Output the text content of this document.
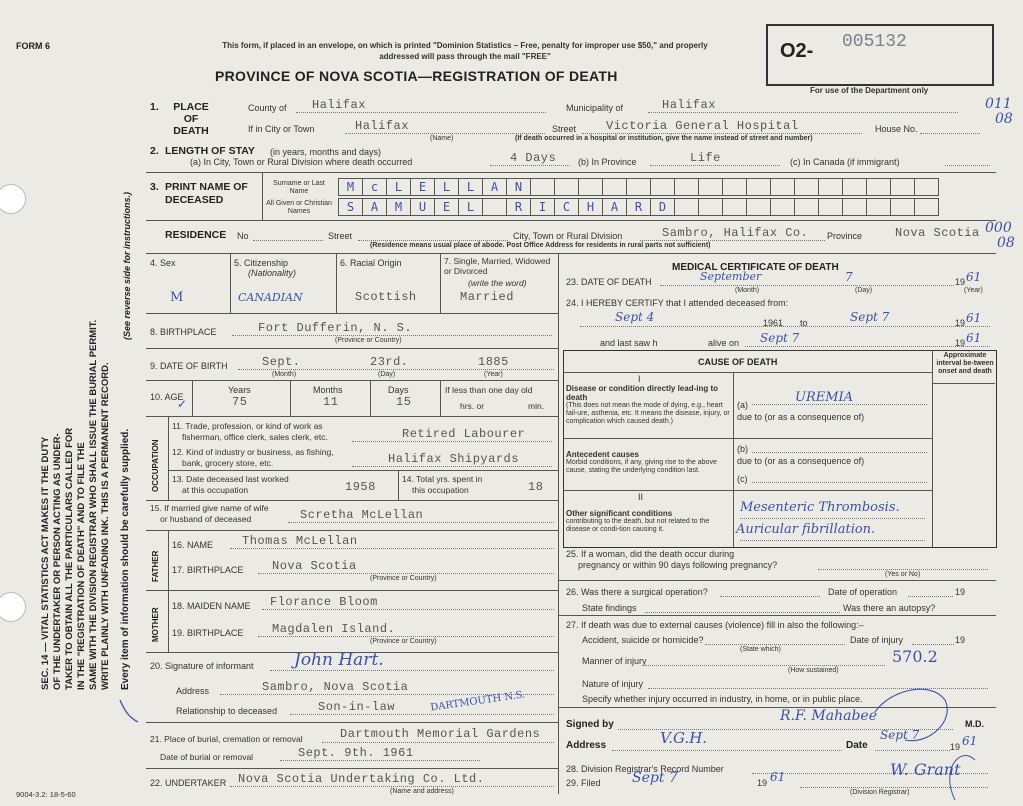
FORM 6	This form, if placed in an envelope, on which is printed "Dominion Statistics – Free, penalty for improper use $50," and properly addressed will pass through the mail "FREE"
PROVINCE OF NOVA SCOTIA—REGISTRATION OF DEATH
O2- 005132
For use of the Department only
011
08
000
08
SEC. 14 — VITAL STATISTICS ACT MAKES IT THE DUTY OF THE UNDERTAKER OR PERSON ACTING AS UNDER- TAKER TO OBTAIN ALL THE PARTICULARS CALLED FOR IN THE "REGISTRATION OF DEATH" AND TO FILE THE SAME WITH THE DIVISION REGISTRAR WHO SHALL ISSUE THE BURIAL PERMIT. WRITE PLAINLY WITH UNFADING INK. THIS IS A PERMANENT RECORD. Every item of information should be carefully supplied.
(See reverse side for instructions.)
1.	PLACE OF DEATH
County of Halifax	Municipality of	Halifax
If in City or Town	Halifax
(Name)
Street Victoria General Hospital	House No.
(If death occurred in a hospital or institution, give the name instead of street and number)
2. LENGTH OF STAY (in years, months and days)
(a) In City, Town or Rural Division where death occurred	4 Days (b) In Province	Life	(c) In Canada (if immigrant)
3. PRINT NAME OF DECEASED
Surname or Last Name	M	c	L	E	L	L	A	N
All Given or Christian Names	S	A	M	U	E	L	R	I	C	H	A	R	D
RESIDENCE No	Street	City, Town or Rural Division	Sambro, Halifax Co. Province	Nova Scotia
(Residence means usual place of abode. Post Office Address for residents in rural parts not sufficient)
4. Sex
M
5. Citizenship
(Nationality)
CANADIAN
6. Racial Origin
Scottish
7. Single, Married, Widowed or Divorced
(write the word)
Married
8. BIRTHPLACE	Fort Dufferin, N. S.
(Province or Country)
9. DATE OF BIRTH	Sept.	23rd.	1885
(Month)	(Day)	(Year)
10. AGE
✓
Years	Months	Days
75	11	15
If less than one day old
hrs. or	min.
OCCUPATION
11. Trade, profession, or kind of work as
fisherman, office clerk, sales clerk, etc.	Retired Labourer
12. Kind of industry or business, as fishing,
bank, grocery store, etc.	Halifax Shipyards
13. Date deceased last worked
at this occupation	1958
14. Total yrs. spent in
this occupation	18
15. If married give name of wife
or husband of deceased	Scretha McLellan
FATHER
16. NAME Thomas McLellan
17. BIRTHPLACE Nova Scotia
(Province or Country)
MOTHER
18. MAIDEN NAME Florance Bloom
19. BIRTHPLACE Magdalen Island.
(Province or Country)
20. Signature of informant John Hart.
Address	Sambro, Nova Scotia
Relationship to deceased	Son-in-law	DARTMOUTH N.S.
21. Place of burial, cremation or removal	Dartmouth Memorial Gardens
Date of burial or removal	Sept. 9th. 1961
22. UNDERTAKER Nova Scotia Undertaking Co. Ltd.
(Name and address)
9004-3.2: 18-5-60
MEDICAL CERTIFICATE OF DEATH
23. DATE OF DEATH	September	7	19 61
(Month)	(Day)	(Year)
24. I HEREBY CERTIFY that I attended deceased from:
Sept 4	1961 to	Sept 7	19 61
and last saw h	alive on Sept 7	19 61
CAUSE OF DEATH
Approximate interval be-tween onset and death
I
Disease or condition directly lead-ing to death
(This does not mean the mode of dying, e.g., heart fail-ure, asthenia, etc. It means the disease, injury, or complication which caused death.)
(a)	UREMIA
due to (or as a consequence of)
Antecedent causes
Morbid conditions, if any, giving rise to the above cause, stating the underlying condition last.
(b)
due to (or as a consequence of)
(c)
II
Other significant conditions
contributing to the death, but not related to the disease or condi-tion causing it.
Mesenteric Thrombosis.
Auricular fibrillation.
25. If a woman, did the death occur during
pregnancy or within 90 days following pregnancy?
(Yes or No)
26. Was there a surgical operation?	Date of operation	19
State findings	Was there an autopsy?
27. If death was due to external causes (violence) fill in also the following:–
Accident, suicide or homicide?	Date of injury	19
(State which)
Manner of injury	570.2
(How sustained)
Nature of injury
Specify whether injury occurred in industry, in home, or in public place.
Signed by
R.F. Mahabee	M.D.
Address	V.G.H.	Date
Sept 7
19 61
28. Division Registrar's Record Number
29. Filed Sept 7	19 61	W. Grant
(Division Registrar)
